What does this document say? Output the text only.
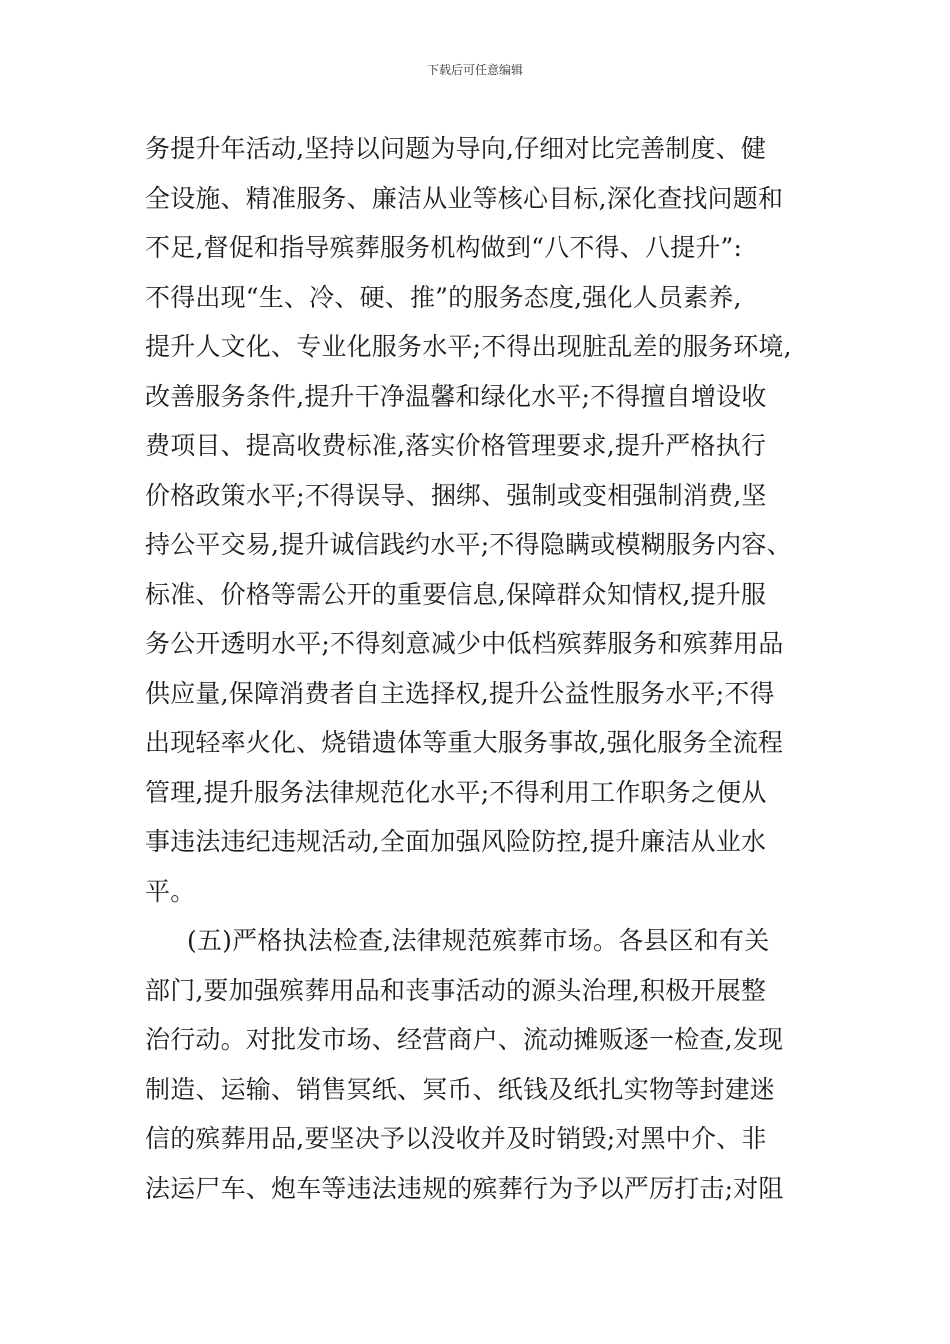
下载后可任意编辑
务提升年活动,坚持以问题为导向,仔细对比完善制度、健
全设施、精准服务、廉洁从业等核心目标,深化查找问题和
不足,督促和指导殡葬服务机构做到“八不得、八提升”:
不得出现“生、冷、硬、推”的服务态度,强化人员素养,
提升人文化、专业化服务水平;不得出现脏乱差的服务环境,
改善服务条件,提升干净温馨和绿化水平;不得擅自增设收
费项目、提高收费标准,落实价格管理要求,提升严格执行
价格政策水平;不得误导、捆绑、强制或变相强制消费,坚
持公平交易,提升诚信践约水平;不得隐瞒或模糊服务内容、
标准、价格等需公开的重要信息,保障群众知情权,提升服
务公开透明水平;不得刻意减少中低档殡葬服务和殡葬用品
供应量,保障消费者自主选择权,提升公益性服务水平;不得
出现轻率火化、烧错遗体等重大服务事故,强化服务全流程
管理,提升服务法律规范化水平;不得利用工作职务之便从
事违法违纪违规活动,全面加强风险防控,提升廉洁从业水
平。
(五)严格执法检查,法律规范殡葬市场。各县区和有关
部门,要加强殡葬用品和丧事活动的源头治理,积极开展整
治行动。对批发市场、经营商户、流动摊贩逐一检查,发现
制造、运输、销售冥纸、冥币、纸钱及纸扎实物等封建迷
信的殡葬用品,要坚决予以没收并及时销毁;对黑中介、非
法运尸车、炮车等违法违规的殡葬行为予以严厉打击;对阻
